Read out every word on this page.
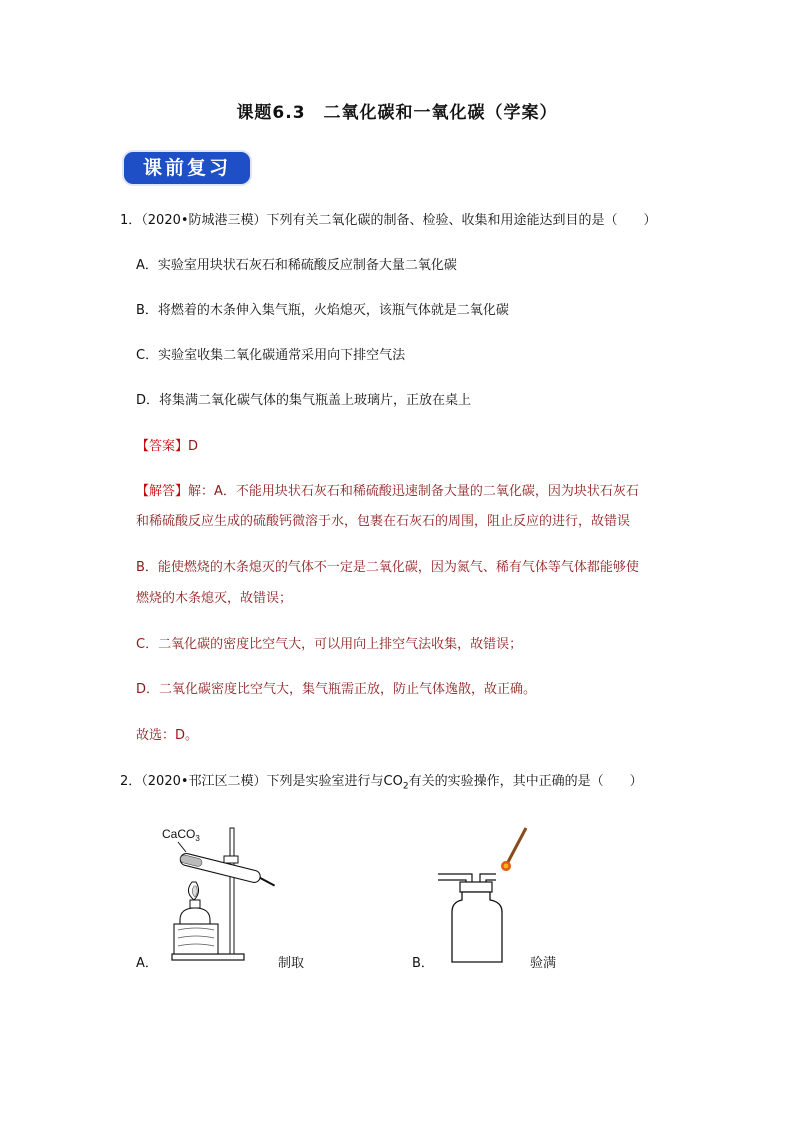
课题6.3　二氧化碳和一氧化碳（学案）
课前复习
1．（2020•防城港三模）下列有关二氧化碳的制备、检验、收集和用途能达到目的是（　　）
A．实验室用块状石灰石和稀硫酸反应制备大量二氧化碳
B．将燃着的木条伸入集气瓶，火焰熄灭，该瓶气体就是二氧化碳
C．实验室收集二氧化碳通常采用向下排空气法
D．将集满二氧化碳气体的集气瓶盖上玻璃片，正放在桌上
【答案】D
【解答】解：A．不能用块状石灰石和稀硫酸迅速制备大量的二氧化碳，因为块状石灰石
和稀硫酸反应生成的硫酸钙微溶于水，包裹在石灰石的周围，阻止反应的进行，故错误
B．能使燃烧的木条熄灭的气体不一定是二氧化碳，因为氮气、稀有气体等气体都能够使
燃烧的木条熄灭，故错误；
C．二氧化碳的密度比空气大，可以用向上排空气法收集，故错误；
D．二氧化碳密度比空气大，集气瓶需正放，防止气体逸散，故正确。
故选：D。
2．（2020•邗江区二模）下列是实验室进行与$CO_2$有关的实验操作，其中正确的是（　　）
CaCO$_3$
A．	制取	B．	验满
